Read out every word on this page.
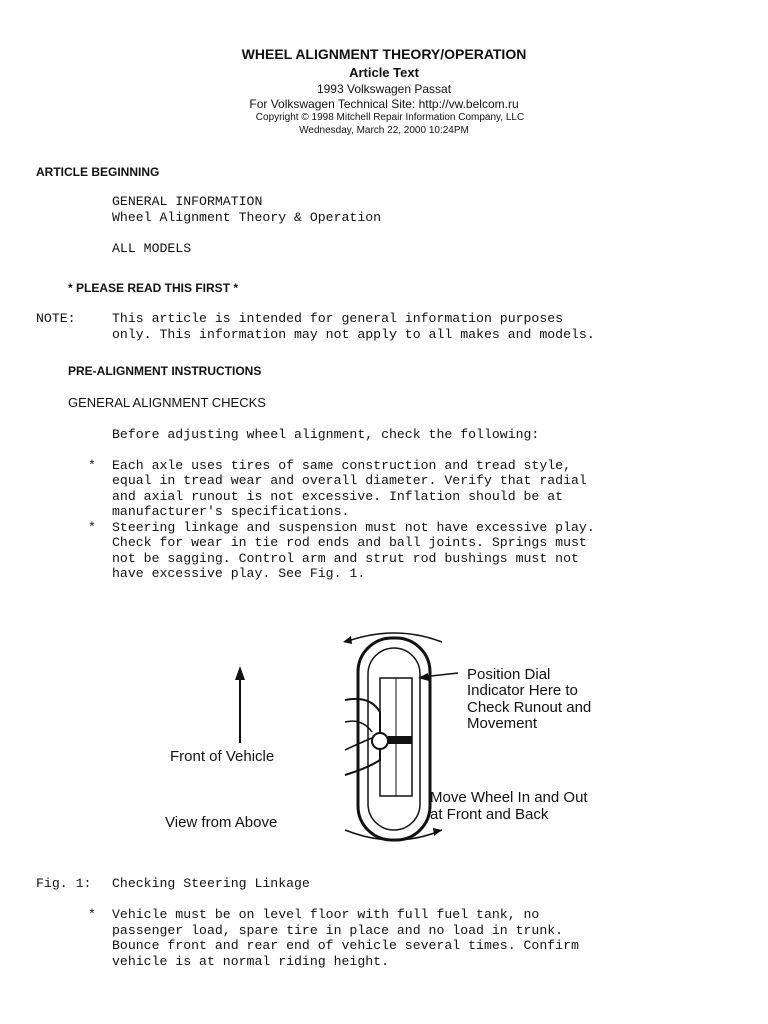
WHEEL ALIGNMENT THEORY/OPERATION
Article Text
1993 Volkswagen Passat
For Volkswagen Technical Site: http://vw.belcom.ru
Copyright © 1998 Mitchell Repair Information Company, LLC
Wednesday, March 22, 2000 10:24PM
ARTICLE BEGINNING
GENERAL INFORMATION
Wheel Alignment Theory & Operation
ALL MODELS
* PLEASE READ THIS FIRST *
NOTE:	This article is intended for general information purposes
only. This information may not apply to all makes and models.
PRE-ALIGNMENT INSTRUCTIONS
GENERAL ALIGNMENT CHECKS
Before adjusting wheel alignment, check the following:
* Each axle uses tires of same construction and tread style,
equal in tread wear and overall diameter. Verify that radial
and axial runout is not excessive. Inflation should be at
manufacturer's specifications.
* Steering linkage and suspension must not have excessive play.
Check for wear in tie rod ends and ball joints. Springs must
not be sagging. Control arm and strut rod bushings must not
have excessive play. See Fig. 1.
Front of Vehicle
View from Above
Position Dial
Indicator Here to
Check Runout and
Movement
Move Wheel In and Out
at Front and Back
Fig. 1: Checking Steering Linkage
* Vehicle must be on level floor with full fuel tank, no
passenger load, spare tire in place and no load in trunk.
Bounce front and rear end of vehicle several times. Confirm
vehicle is at normal riding height.
